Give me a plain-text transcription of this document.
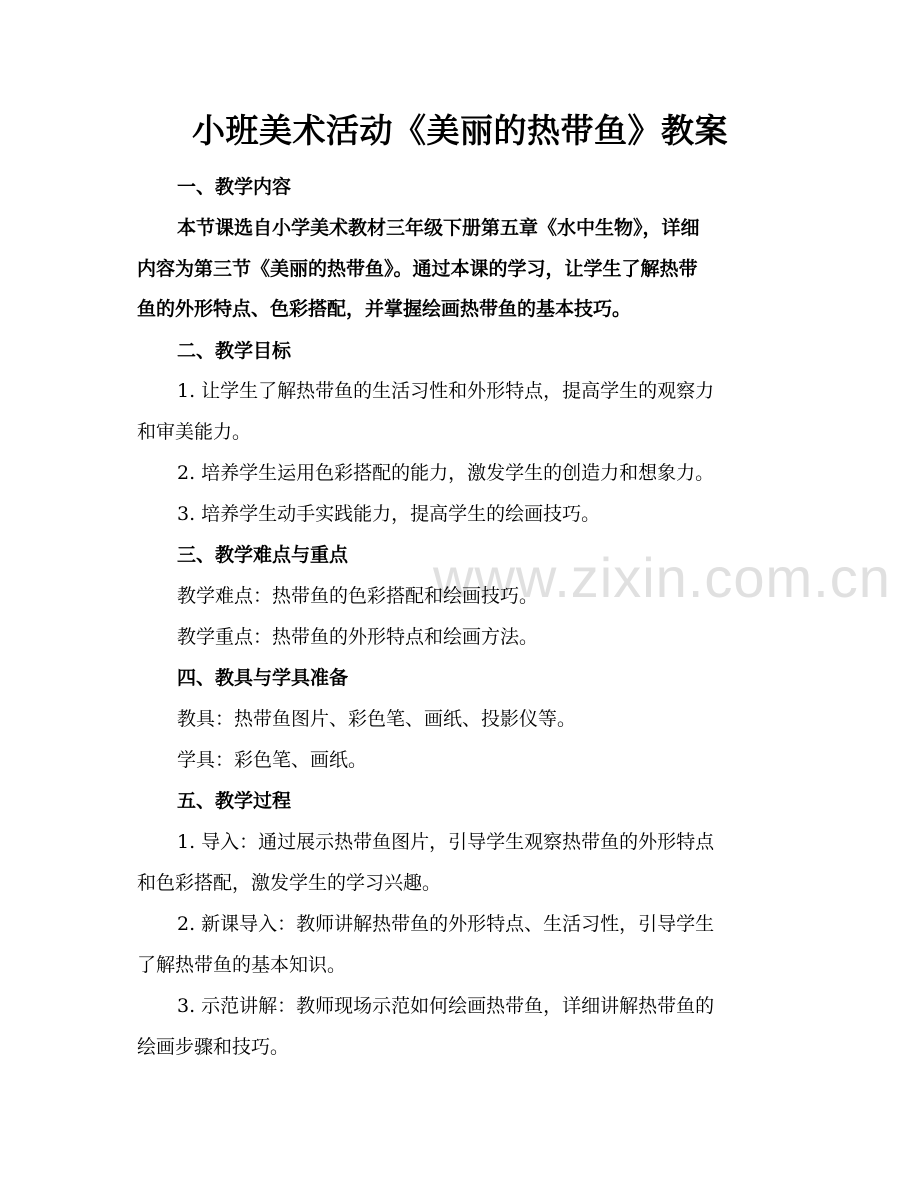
www.zixin.com.cn
小班美术活动《美丽的热带鱼》教案
一、教学内容
本节课选自小学美术教材三年级下册第五章《水中生物》，详细
内容为第三节《美丽的热带鱼》。通过本课的学习，让学生了解热带
鱼的外形特点、色彩搭配，并掌握绘画热带鱼的基本技巧。
二、教学目标
1. 让学生了解热带鱼的生活习性和外形特点，提高学生的观察力
和审美能力。
2. 培养学生运用色彩搭配的能力，激发学生的创造力和想象力。
3. 培养学生动手实践能力，提高学生的绘画技巧。
三、教学难点与重点
教学难点：热带鱼的色彩搭配和绘画技巧。
教学重点：热带鱼的外形特点和绘画方法。
四、教具与学具准备
教具：热带鱼图片、彩色笔、画纸、投影仪等。
学具：彩色笔、画纸。
五、教学过程
1. 导入：通过展示热带鱼图片，引导学生观察热带鱼的外形特点
和色彩搭配，激发学生的学习兴趣。
2. 新课导入：教师讲解热带鱼的外形特点、生活习性，引导学生
了解热带鱼的基本知识。
3. 示范讲解：教师现场示范如何绘画热带鱼，详细讲解热带鱼的
绘画步骤和技巧。
